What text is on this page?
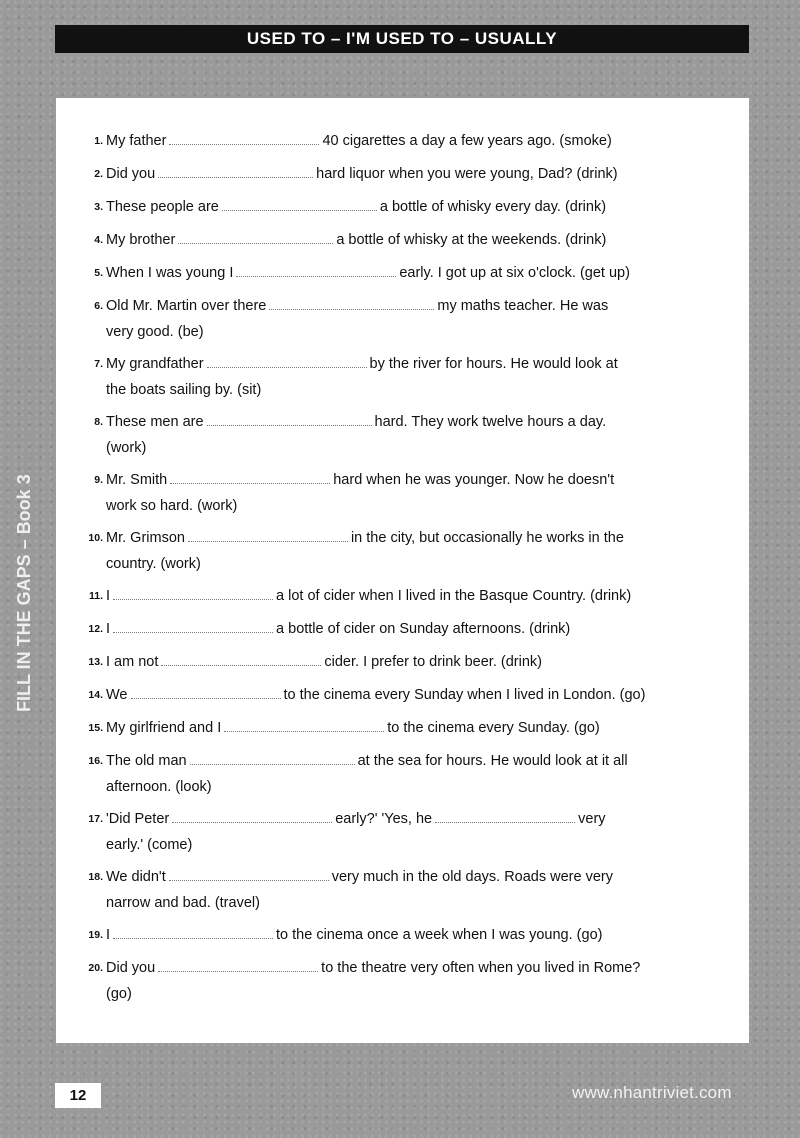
USED TO – I'M USED TO – USUALLY
FILL IN THE GAPS – Book 3
1. My father	40 cigarettes a day a few years ago. (smoke)
2. Did you	hard liquor when you were young, Dad? (drink)
3. These people are	a bottle of whisky every day. (drink)
4. My brother	a bottle of whisky at the weekends. (drink)
5. When I was young I	early. I got up at six o'clock. (get up)
6. Old Mr. Martin over there	my maths teacher. He was
very good. (be)
7. My grandfather	by the river for hours. He would look at
the boats sailing by. (sit)
8. These men are	hard. They work twelve hours a day.
(work)
9. Mr. Smith	hard when he was younger. Now he doesn't
work so hard. (work)
10. Mr. Grimson	in the city, but occasionally he works in the
country. (work)
11. I	a lot of cider when I lived in the Basque Country. (drink)
12. I	a bottle of cider on Sunday afternoons. (drink)
13. I am not	cider. I prefer to drink beer. (drink)
14. We	to the cinema every Sunday when I lived in London. (go)
15. My girlfriend and I	to the cinema every Sunday. (go)
16. The old man	at the sea for hours. He would look at it all
afternoon. (look)
17. 'Did Peter	early?' 'Yes, he	very
early.' (come)
18. We didn't	very much in the old days. Roads were very
narrow and bad. (travel)
19. I	to the cinema once a week when I was young. (go)
20. Did you	to the theatre very often when you lived in Rome?
(go)
12	www.nhantriviet.com
